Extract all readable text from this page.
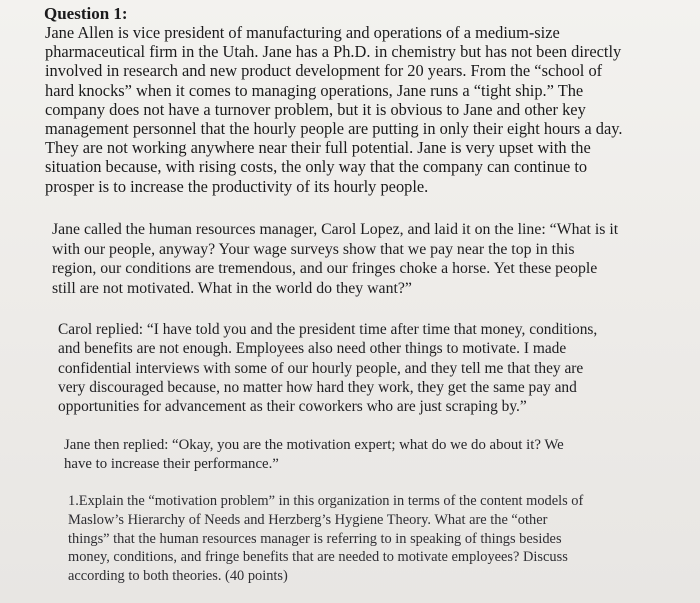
Question 1:

Jane Allen is vice president of manufacturing and operations of a medium-size
pharmaceutical firm in the Utah. Jane has a Ph.D. in chemistry but has not been directly
involved in research and new product development for 20 years. From the “school of
hard knocks” when it comes to managing operations, Jane runs a “tight ship.” The
company does not have a turnover problem, but it is obvious to Jane and other key
management personnel that the hourly people are putting in only their eight hours a day.
They are not working anywhere near their full potential. Jane is very upset with the
situation because, with rising costs, the only way that the company can continue to
prosper is to increase the productivity of its hourly people.

Jane called the human resources manager, Carol Lopez, and laid it on the line: “What is it
with our people, anyway? Your wage surveys show that we pay near the top in this
region, our conditions are tremendous, and our fringes choke a horse. Yet these people
still are not motivated. What in the world do they want?”

Carol replied: “I have told you and the president time after time that money, conditions,
and benefits are not enough. Employees also need other things to motivate. I made
confidential interviews with some of our hourly people, and they tell me that they are
very discouraged because, no matter how hard they work, they get the same pay and
opportunities for advancement as their coworkers who are just scraping by.”

Jane then replied: “Okay, you are the motivation expert; what do we do about it? We
have to increase their performance.”

1.Explain the “motivation problem” in this organization in terms of the content models of
Maslow’s Hierarchy of Needs and Herzberg’s Hygiene Theory. What are the “other
things” that the human resources manager is referring to in speaking of things besides
money, conditions, and fringe benefits that are needed to motivate employees? Discuss
according to both theories. (40 points)
